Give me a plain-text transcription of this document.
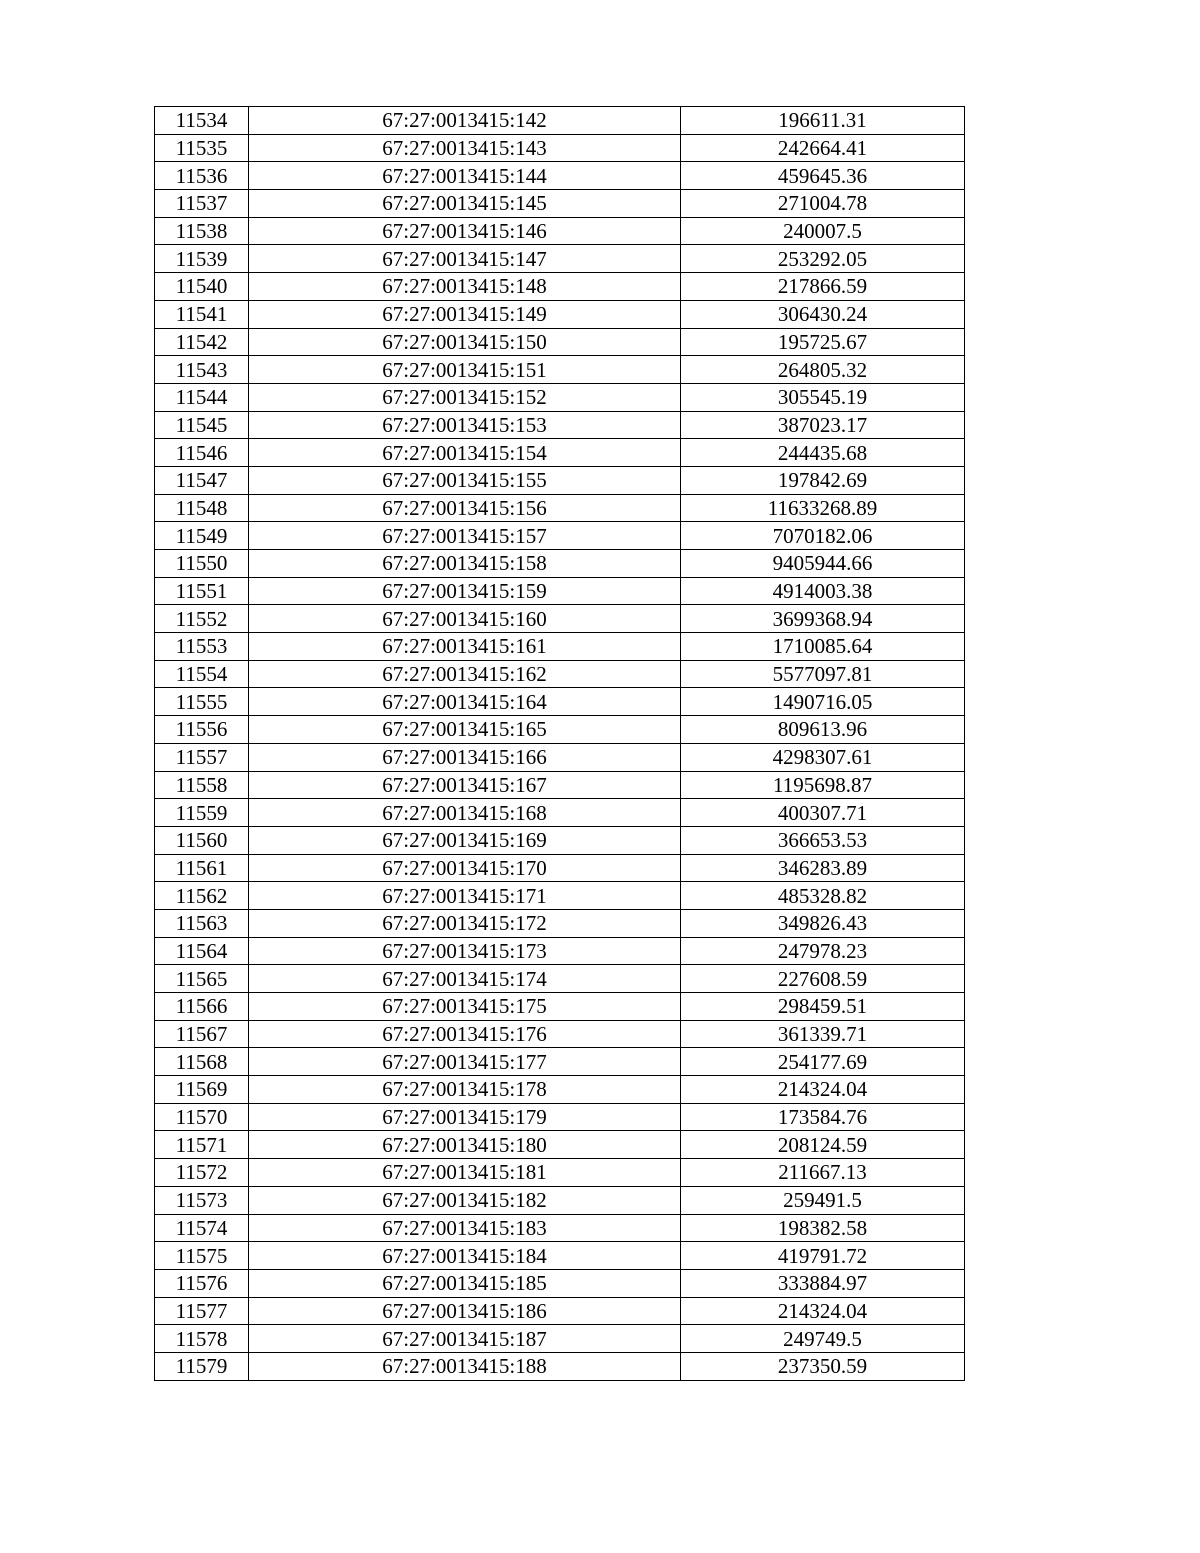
11534	67:27:0013415:142	196611.31
11535	67:27:0013415:143	242664.41
11536	67:27:0013415:144	459645.36
11537	67:27:0013415:145	271004.78
11538	67:27:0013415:146	240007.5
11539	67:27:0013415:147	253292.05
11540	67:27:0013415:148	217866.59
11541	67:27:0013415:149	306430.24
11542	67:27:0013415:150	195725.67
11543	67:27:0013415:151	264805.32
11544	67:27:0013415:152	305545.19
11545	67:27:0013415:153	387023.17
11546	67:27:0013415:154	244435.68
11547	67:27:0013415:155	197842.69
11548	67:27:0013415:156	11633268.89
11549	67:27:0013415:157	7070182.06
11550	67:27:0013415:158	9405944.66
11551	67:27:0013415:159	4914003.38
11552	67:27:0013415:160	3699368.94
11553	67:27:0013415:161	1710085.64
11554	67:27:0013415:162	5577097.81
11555	67:27:0013415:164	1490716.05
11556	67:27:0013415:165	809613.96
11557	67:27:0013415:166	4298307.61
11558	67:27:0013415:167	1195698.87
11559	67:27:0013415:168	400307.71
11560	67:27:0013415:169	366653.53
11561	67:27:0013415:170	346283.89
11562	67:27:0013415:171	485328.82
11563	67:27:0013415:172	349826.43
11564	67:27:0013415:173	247978.23
11565	67:27:0013415:174	227608.59
11566	67:27:0013415:175	298459.51
11567	67:27:0013415:176	361339.71
11568	67:27:0013415:177	254177.69
11569	67:27:0013415:178	214324.04
11570	67:27:0013415:179	173584.76
11571	67:27:0013415:180	208124.59
11572	67:27:0013415:181	211667.13
11573	67:27:0013415:182	259491.5
11574	67:27:0013415:183	198382.58
11575	67:27:0013415:184	419791.72
11576	67:27:0013415:185	333884.97
11577	67:27:0013415:186	214324.04
11578	67:27:0013415:187	249749.5
11579	67:27:0013415:188	237350.59
